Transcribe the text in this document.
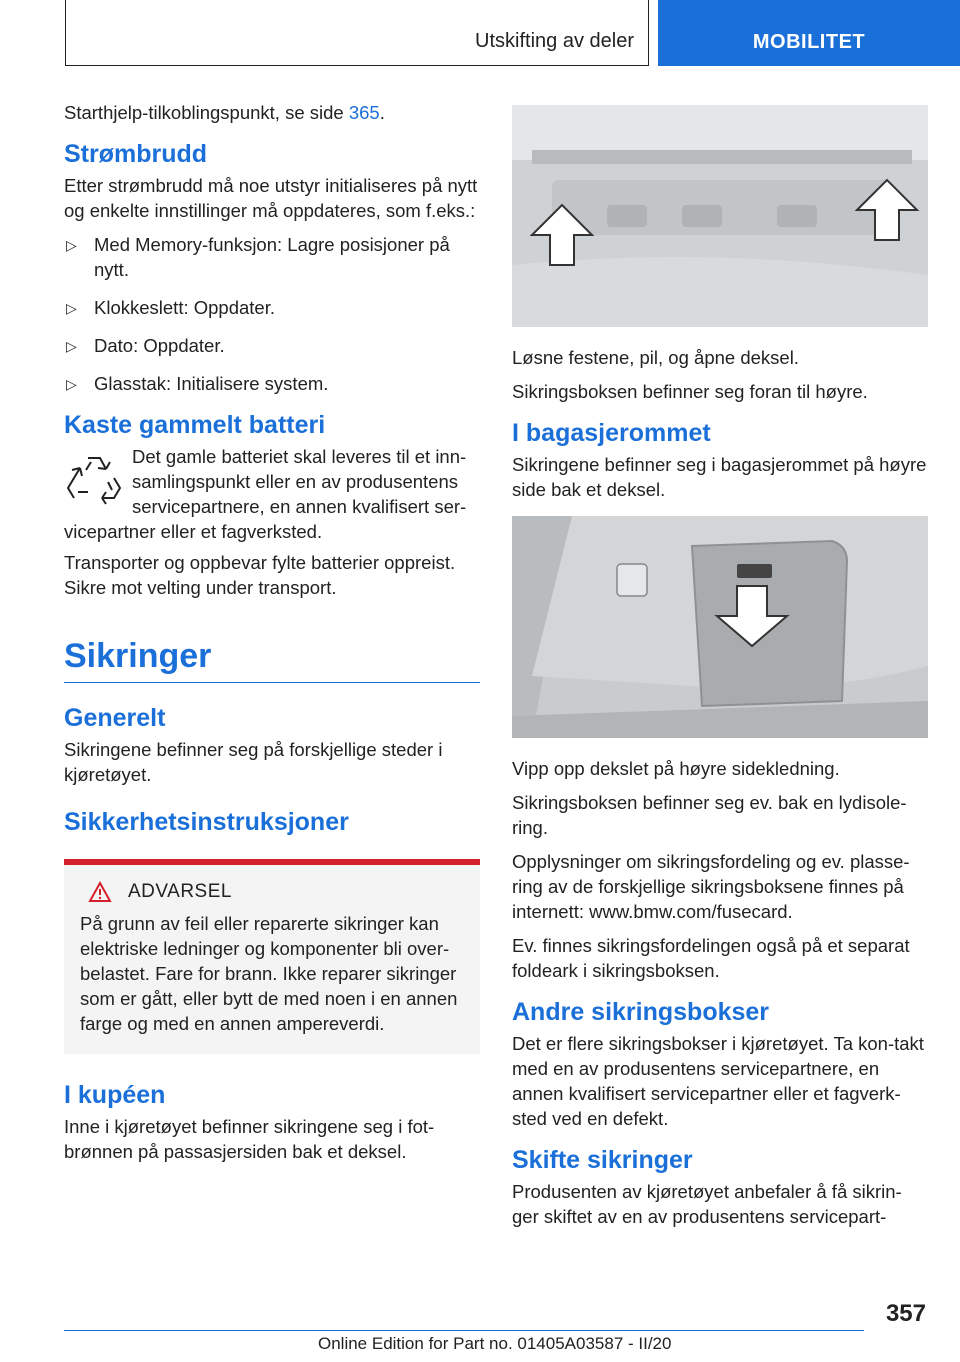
Utskifting av deler	MOBILITET

Starthjelp-tilkoblingspunkt, se side 365.

Strømbrudd

Etter strømbrudd må noe utstyr initialiseres på nytt og enkelte innstillinger må oppdateres, som f.eks.:

▷ Med Memory-funksjon: Lagre posisjoner på nytt.
▷ Klokkeslett: Oppdater.
▷ Dato: Oppdater.
▷ Glasstak: Initialisere system.
Kaste gammelt batteri

Det gamle batteriet skal leveres til et inn-samlingspunkt eller en av produsentens servicepartnere, en annen kvalifisert ser-vicepartner eller et fagverksted.

Transporter og oppbevar fylte batterier oppreist. Sikre mot velting under transport.

Sikringer
Generelt

Sikringene befinner seg på forskjellige steder i kjøretøyet.

Sikkerhetsinstruksjoner
ADVARSEL

På grunn av feil eller reparerte sikringer kan elektriske ledninger og komponenter bli over-belastet. Fare for brann. Ikke reparer sikringer som er gått, eller bytt de med noen i en annen farge og med en annen ampereverdi.

I kupéen

Inne i kjøretøyet befinner sikringene seg i fot-brønnen på passasjersiden bak et deksel.

Løsne festene, pil, og åpne deksel.

Sikringsboksen befinner seg foran til høyre.

I bagasjerommet

Sikringene befinner seg i bagasjerommet på høyre side bak et deksel.

Vipp opp dekslet på høyre sidekledning.

Sikringsboksen befinner seg ev. bak en lydisole-ring.

Opplysninger om sikringsfordeling og ev. plasse-ring av de forskjellige sikringsboksene finnes på internett: www.bmw.com/fusecard.

Ev. finnes sikringsfordelingen også på et separat foldeark i sikringsboksen.

Andre sikringsbokser

Det er flere sikringsbokser i kjøretøyet. Ta kon-takt med en av produsentens servicepartnere, en annen kvalifisert servicepartner eller et fagverk-sted ved en defekt.

Skifte sikringer

Produsenten av kjøretøyet anbefaler å få sikrin-ger skiftet av en av produsentens servicepart-

357
Online Edition for Part no. 01405A03587 - II/20
